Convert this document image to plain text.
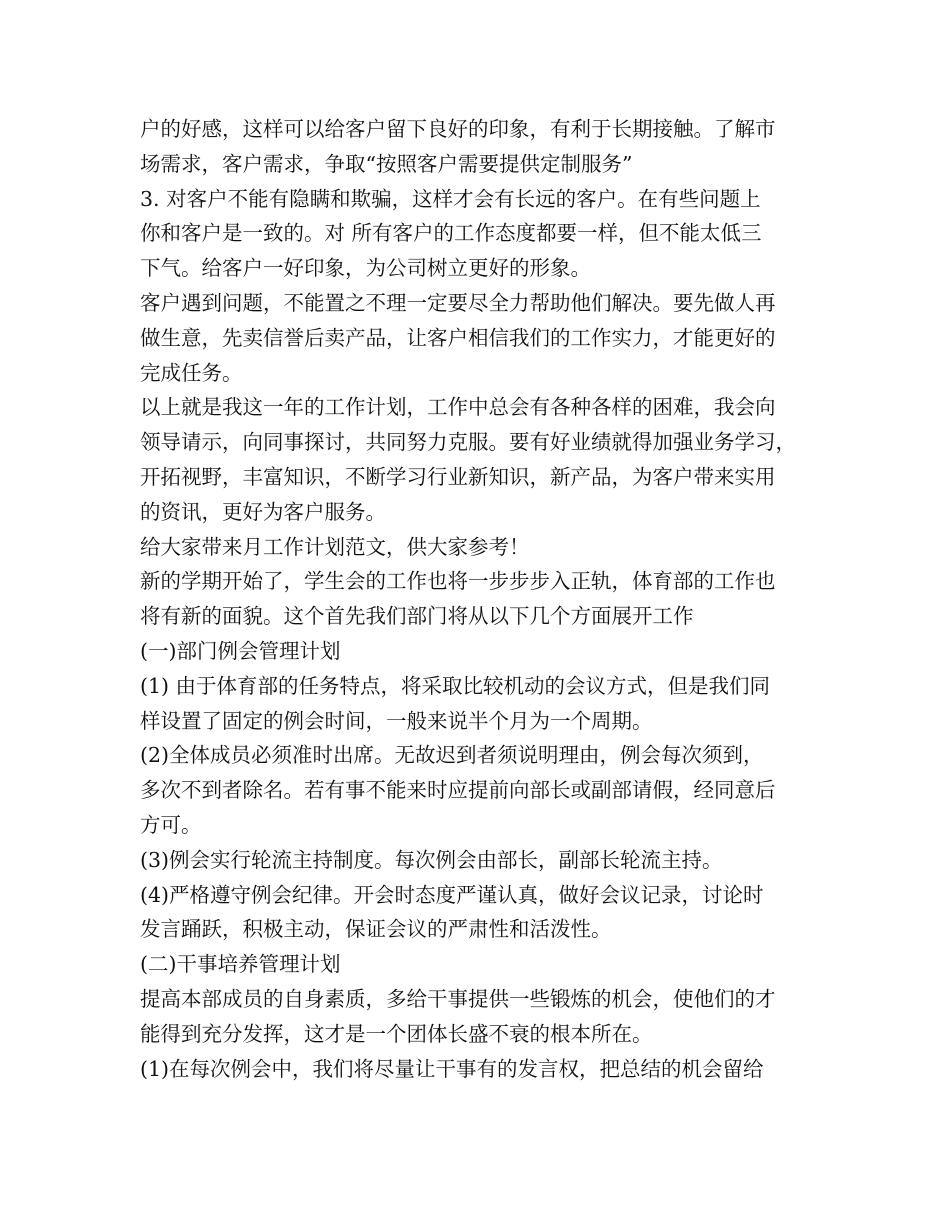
户的好感，这样可以给客户留下良好的印象，有利于长期接触。了解市
场需求，客户需求，争取“按照客户需要提供定制服务”
3. 对客户不能有隐瞒和欺骗，这样才会有长远的客户。在有些问题上
你和客户是一致的。对 所有客户的工作态度都要一样，但不能太低三
下气。给客户一好印象，为公司树立更好的形象。
客户遇到问题，不能置之不理一定要尽全力帮助他们解决。要先做人再
做生意，先卖信誉后卖产品，让客户相信我们的工作实力，才能更好的
完成任务。
以上就是我这一年的工作计划，工作中总会有各种各样的困难，我会向
领导请示，向同事探讨，共同努力克服。要有好业绩就得加强业务学习，
开拓视野，丰富知识，不断学习行业新知识，新产品，为客户带来实用
的资讯，更好为客户服务。
给大家带来月工作计划范文，供大家参考！
新的学期开始了，学生会的工作也将一步步步入正轨，体育部的工作也
将有新的面貌。这个首先我们部门将从以下几个方面展开工作
(一)部门例会管理计划
(1) 由于体育部的任务特点，将采取比较机动的会议方式，但是我们同
样设置了固定的例会时间，一般来说半个月为一个周期。
(2)全体成员必须准时出席。无故迟到者须说明理由，例会每次须到，
多次不到者除名。若有事不能来时应提前向部长或副部请假，经同意后
方可。
(3)例会实行轮流主持制度。每次例会由部长，副部长轮流主持。
(4)严格遵守例会纪律。开会时态度严谨认真，做好会议记录，讨论时
发言踊跃，积极主动，保证会议的严肃性和活泼性。
(二)干事培养管理计划
提高本部成员的自身素质，多给干事提供一些锻炼的机会，使他们的才
能得到充分发挥，这才是一个团体长盛不衰的根本所在。
(1)在每次例会中，我们将尽量让干事有的发言权，把总结的机会留给
